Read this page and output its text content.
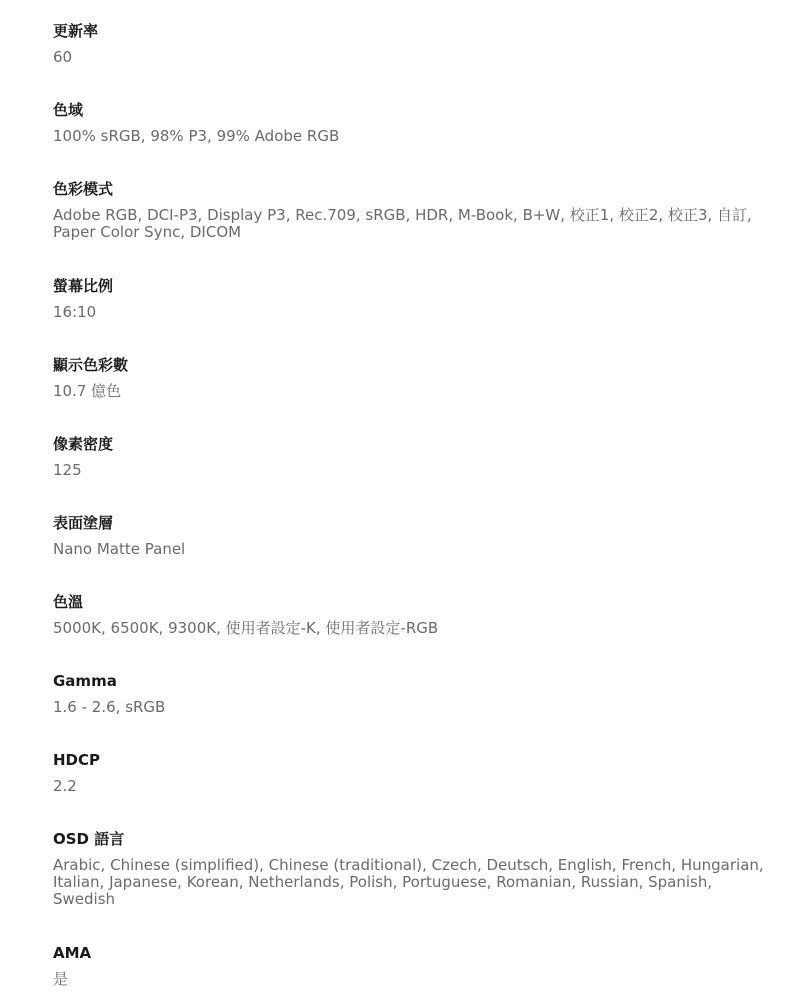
更新率
60
色域
100% sRGB, 98% P3, 99% Adobe RGB
色彩模式
Adobe RGB, DCI-P3, Display P3, Rec.709, sRGB, HDR, M-Book, B+W, 校正1, 校正2, 校正3, 自訂, Paper Color Sync, DICOM
螢幕比例
16:10
顯示色彩數
10.7 億色
像素密度
125
表面塗層
Nano Matte Panel
色溫
5000K, 6500K, 9300K, 使用者設定-K, 使用者設定-RGB
Gamma
1.6 - 2.6, sRGB
HDCP
2.2
OSD 語言
Arabic, Chinese (simplified), Chinese (traditional), Czech, Deutsch, English, French, Hungarian, Italian, Japanese, Korean, Netherlands, Polish, Portuguese, Romanian, Russian, Spanish, Swedish
AMA
是
